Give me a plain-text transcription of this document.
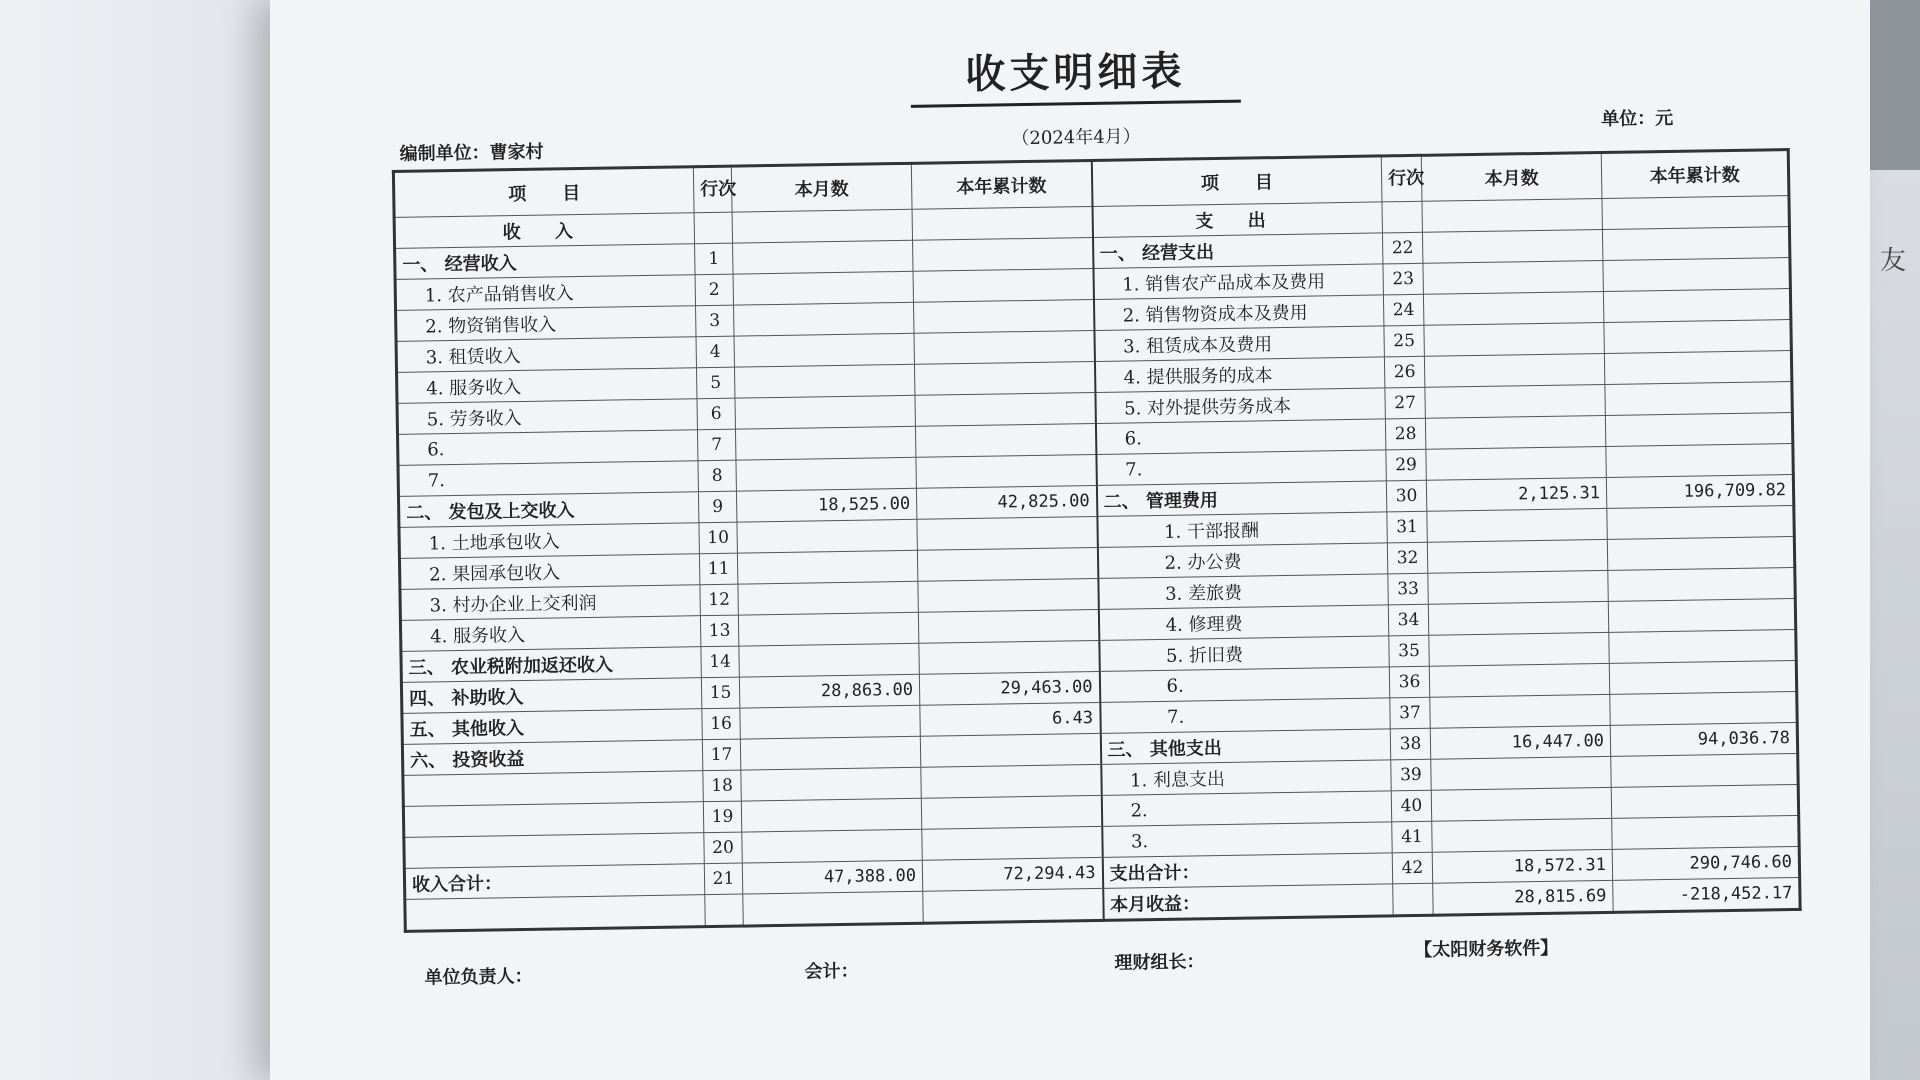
友
收支明细表
编制单位：曹家村
（2024年4月）
单位：元
项　　目	行次	本月数	本年累计数	项　　目	行次	本月数	本年累计数
收 入				支 出			
一、 经营收入	1			一、 经营支出	22		
1. 农产品销售收入	2			1. 销售农产品成本及费用	23		
2. 物资销售收入	3			2. 销售物资成本及费用	24		
3. 租赁收入	4			3. 租赁成本及费用	25		
4. 服务收入	5			4. 提供服务的成本	26		
5. 劳务收入	6			5. 对外提供劳务成本	27		
6.	7			6.	28		
7.	8			7.	29		
二、 发包及上交收入	9	18,525.00	42,825.00	二、 管理费用	30	2,125.31	196,709.82
1. 土地承包收入	10			1. 干部报酬	31		
2. 果园承包收入	11			2. 办公费	32		
3. 村办企业上交利润	12			3. 差旅费	33		
4. 服务收入	13			4. 修理费	34		
三、 农业税附加返还收入	14			5. 折旧费	35		
四、 补助收入	15	28,863.00	29,463.00	6.	36		
五、 其他收入	16		6.43	7.	37		
六、 投资收益	17			三、 其他支出	38	16,447.00	94,036.78
	18			1. 利息支出	39		
	19			2.	40		
	20			3.	41		
收入合计：	21	47,388.00	72,294.43	支出合计：	42	18,572.31	290,746.60
				本月收益：		28,815.69	-218,452.17
单位负责人：	会计：	理财组长：
【太阳财务软件】
